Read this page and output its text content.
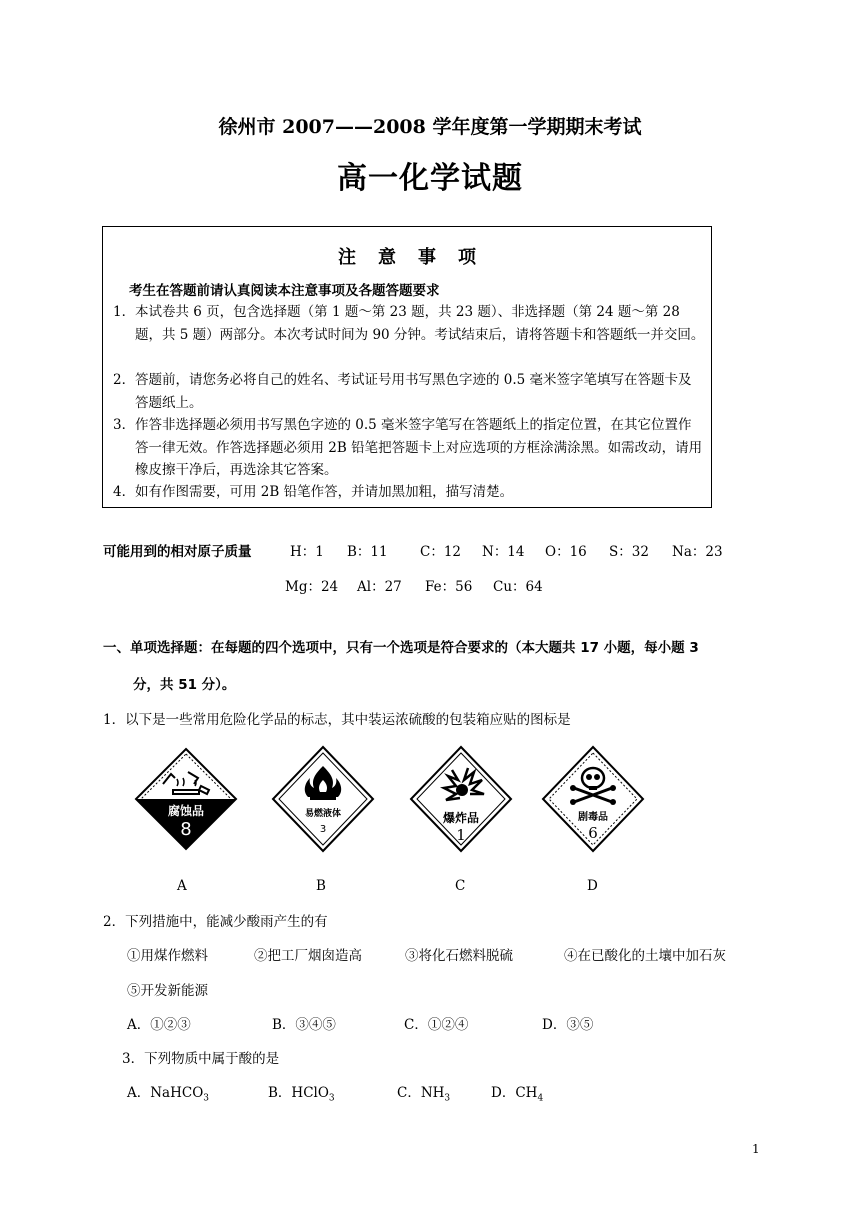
徐州市 2007——2008 学年度第一学期期末考试
高一化学试题
注意事项
考生在答题前请认真阅读本注意事项及各题答题要求
1． 本试卷共 6 页，包含选择题（第 1 题～第 23 题，共 23 题）、非选择题（第 24 题～第 28 题，共 5 题）两部分。本次考试时间为 90 分钟。考试结束后，请将答题卡和答题纸一并交回。
2． 答题前，请您务必将自己的姓名、考试证号用书写黑色字迹的 0.5 毫米签字笔填写在答题卡及答题纸上。
3． 作答非选择题必须用书写黑色字迹的 0.5 毫米签字笔写在答题纸上的指定位置，在其它位置作答一律无效。作答选择题必须用 2B 铅笔把答题卡上对应选项的方框涂满涂黑。如需改动，请用橡皮擦干净后，再选涂其它答案。
4． 如有作图需要，可用 2B 铅笔作答，并请加黑加粗，描写清楚。
可能用到的相对原子质量	H：1 B：11 C：12 N：14 O：16 S：32 Na：23
Mg：24 Al：27 Fe：56 Cu：64
一、单项选择题：在每题的四个选项中，只有一个选项是符合要求的（本大题共 17 小题，每小题 3
分，共 51 分）。
1．以下是一些常用危险化学品的标志，其中装运浓硫酸的包装箱应贴的图标是
腐蚀品
8
易燃液体
3
爆炸品
1
剧毒品
6
A	B	C	D
2．下列措施中，能减少酸雨产生的有
①用煤作燃料	②把工厂烟囱造高	③将化石燃料脱硫	④在已酸化的土壤中加石灰
⑤开发新能源
A．①②③	B．③④⑤	C．①②④	D．③⑤
3．下列物质中属于酸的是
A．NaHCO$_3$	B．HClO$_3$	C．$NH_3$	D．$CH_4$
1
